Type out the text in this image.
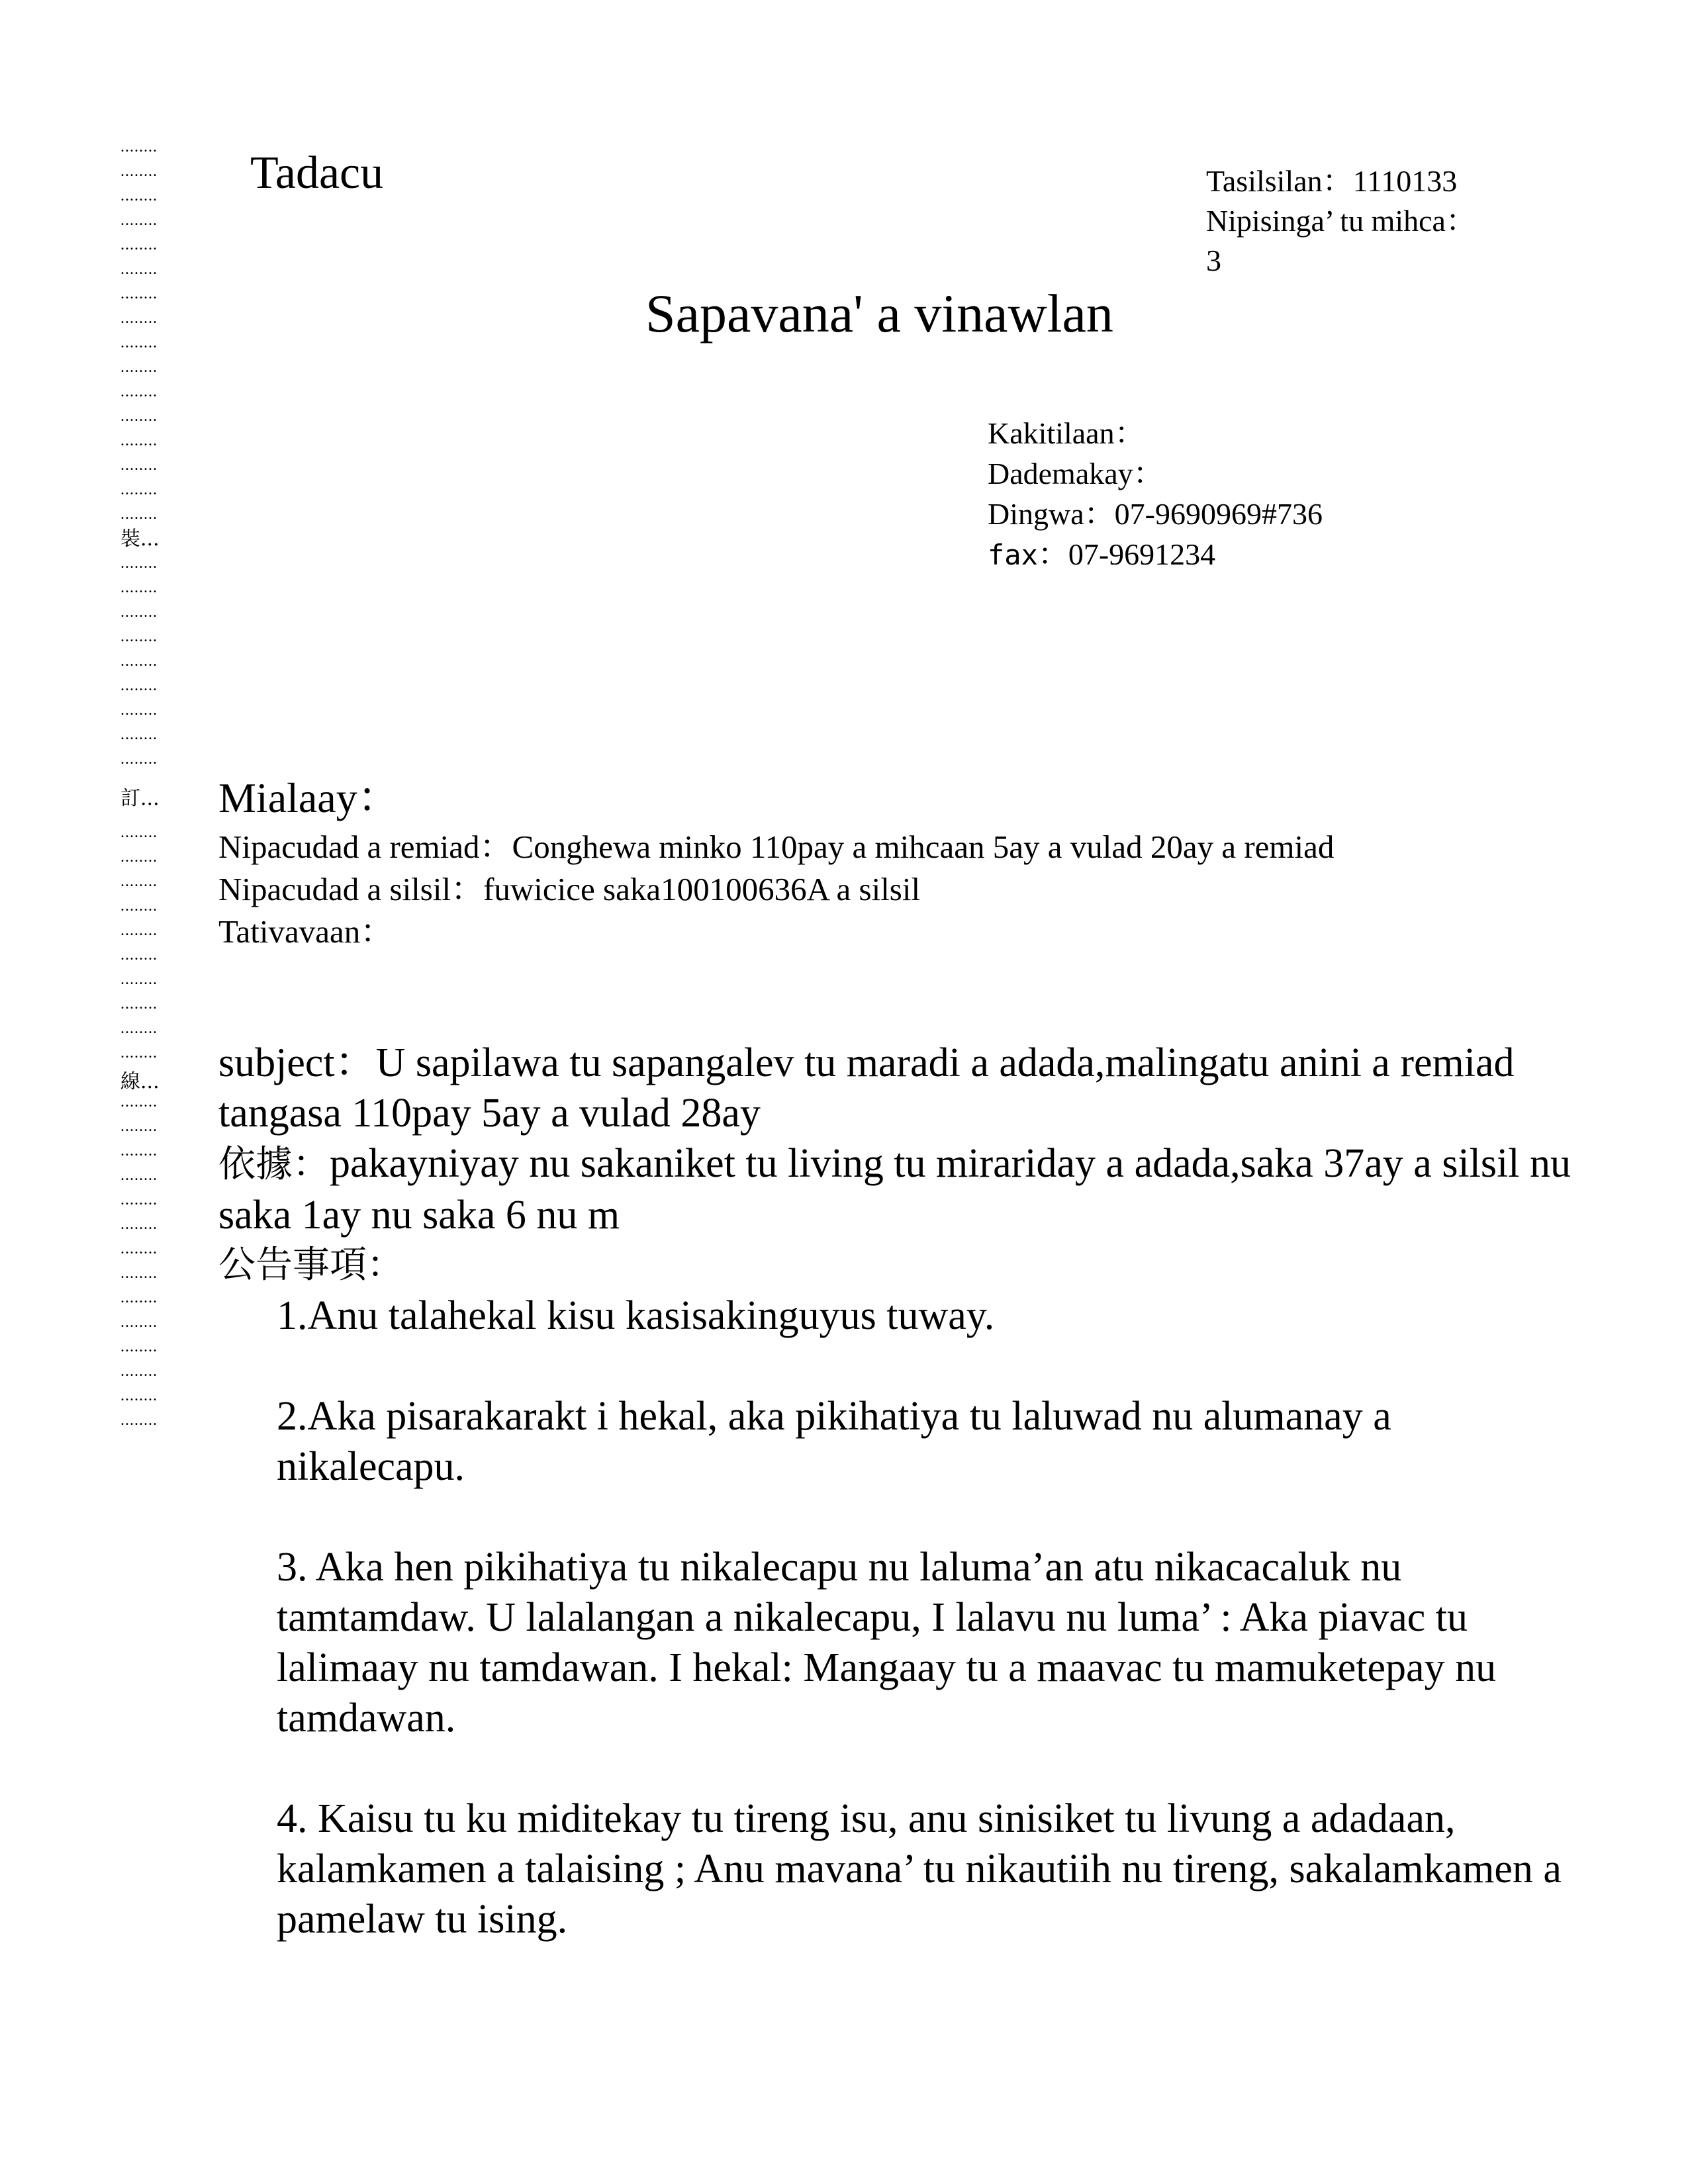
........
........
........
........
........
........
........
........
........
........
........
........
........
........
........
........
........
........
........
........
........
........
........
........
........
........
........
........
........
........
........
........
........
........
........
........
........
........
........
........
........
........
........
........
........
........
........
........
........
裝...
訂...
線...
Tadacu	Tasilsilan：1110133
Nipisinga’ tu mihca：
3
Sapavana' a vinawlan
Kakitilaan：
Dademakay：
Dingwa：07-9690969#736
fax：07-9691234
Mialaay：
Nipacudad a remiad：Conghewa minko 110pay a mihcaan 5ay a vulad 20ay a remiad
Nipacudad a silsil：fuwicice saka100100636A a silsil
Tativavaan：
subject：U sapilawa tu sapangalev tu maradi a adada,malingatu anini a remiad tangasa 110pay 5ay a vulad 28ay
依據：pakayniyay nu sakaniket tu living tu mirariday a adada,saka 37ay a silsil nu saka 1ay nu saka 6 nu m
公告事項：

1.Anu talahekal kisu kasisakinguyus tuway.

2.Aka pisarakarakt i hekal, aka pikihatiya tu laluwad nu alumanay a nikalecapu.

3. Aka hen pikihatiya tu nikalecapu nu laluma’an atu nikacacaluk nu tamtamdaw. U lalalangan a nikalecapu, I lalavu nu luma’ : Aka piavac tu lalimaay nu tamdawan. I hekal: Mangaay tu a maavac tu mamuketepay nu tamdawan.

4. Kaisu tu ku miditekay tu tireng isu, anu sinisiket tu livung a adadaan, kalamkamen a talaising ; Anu mavana’ tu nikautiih nu tireng, sakalamkamen a pamelaw tu ising.
